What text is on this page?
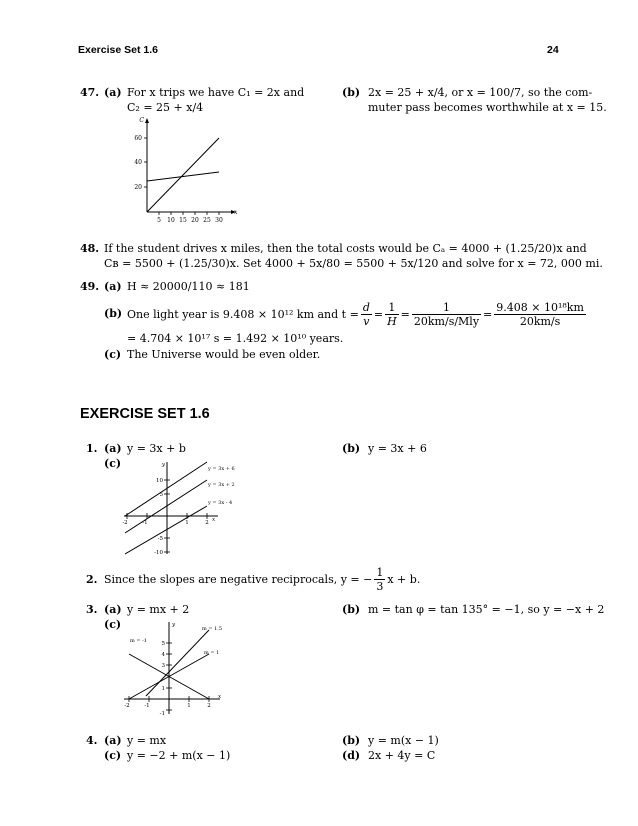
Exercise Set 1.6	24
47. (a) For x trips we have C₁ = 2x and
C₂ = 25 + x/4
(b) 2x = 25 + x/4, or x = 100/7, so the com-
muter pass becomes worthwhile at x = 15.
C
x
20
40
60
5 10 15 20 25 30
48. If the student drives x miles, then the total costs would be Cₐ = 4000 + (1.25/20)x and
Cʙ = 5500 + (1.25/30)x. Set 4000 + 5x/80 = 5500 + 5x/120 and solve for x = 72, 000 mi.
49. (a) H ≈ 20000/110 ≈ 181
(b) One light year is 9.408 × 10¹² km and $t = \frac{d}{v} = \frac{1}{H} = \frac{1}{\text{20km/s/Mly}} = \frac{\text{9.408 × 10¹⁸km}}{20km/s}$
= 4.704 × 10¹⁷ s = 1.492 × 10¹⁰ years.
(c) The Universe would be even older.
EXERCISE SET 1.6
1. (a) y = 3x + b	(b) y = 3x + 6
(c)	y
x
10
5
-5
-10
-2	-1	1	2
y = 3x + 6
y = 3x + 2
y = 3x - 4
2. Since the slopes are negative reciprocals, y = − $\frac{1}{3}$ x + b.
3. (a) y = mx + 2	(b) m = tan φ = tan 135° = −1, so y = −x + 2
(c)	y
x
5
4
3
1
-1
-2	-1	1	2
m = 1.5
m = 1
m = -1
4. (a) y = mx	(b) y = m(x − 1)
(c) y = −2 + m(x − 1)	(d) 2x + 4y = C
